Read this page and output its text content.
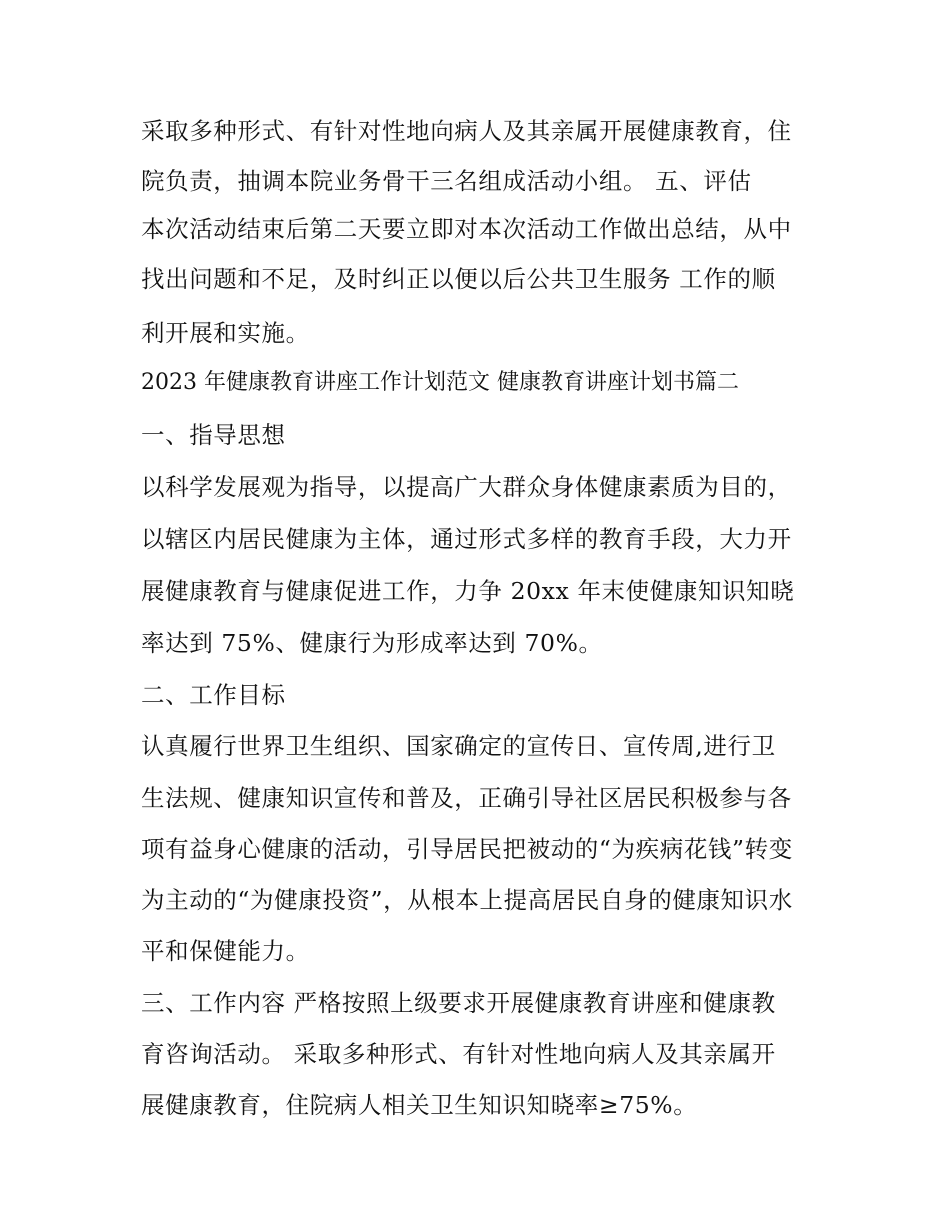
采取多种形式、有针对性地向病人及其亲属开展健康教育，住
院负责，抽调本院业务骨干三名组成活动小组。 五、评估
本次活动结束后第二天要立即对本次活动工作做出总结，从中
找出问题和不足，及时纠正以便以后公共卫生服务 工作的顺
利开展和实施。
2023 年健康教育讲座工作计划范文 健康教育讲座计划书篇二
一、指导思想
以科学发展观为指导，以提高广大群众身体健康素质为目的，
以辖区内居民健康为主体，通过形式多样的教育手段，大力开
展健康教育与健康促进工作，力争 20xx 年末使健康知识知晓
率达到 75%、健康行为形成率达到 70%。
二、工作目标
认真履行世界卫生组织、国家确定的宣传日、宣传周,进行卫
生法规、健康知识宣传和普及，正确引导社区居民积极参与各
项有益身心健康的活动，引导居民把被动的“为疾病花钱”转变
为主动的“为健康投资”，从根本上提高居民自身的健康知识水
平和保健能力。
三、工作内容 严格按照上级要求开展健康教育讲座和健康教
育咨询活动。 采取多种形式、有针对性地向病人及其亲属开
展健康教育，住院病人相关卫生知识知晓率≥75%。
